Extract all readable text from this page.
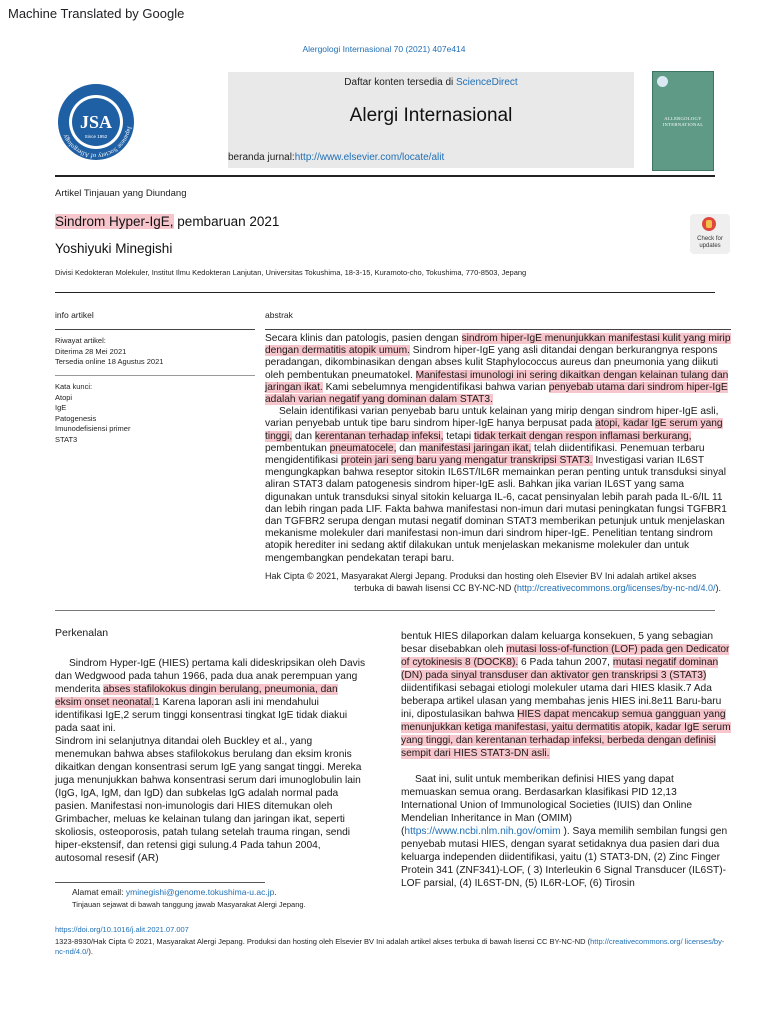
Machine Translated by Google
Alergologi Internasional 70 (2021) 407e414
Japanese Society of Allergology
JSA
Since 1952
Daftar konten tersedia di ScienceDirect
Alergi Internasional
beranda jurnal:http://www.elsevier.com/locate/alit
ALLERGOLOGY
INTERNATIONAL
Artikel Tinjauan yang Diundang
Sindrom Hyper-IgE, pembaruan 2021
Yoshiyuki Minegishi
Divisi Kedokteran Molekuler, Institut Ilmu Kedokteran Lanjutan, Universitas Tokushima, 18-3-15, Kuramoto-cho, Tokushima, 770-8503, Jepang
Check for
updates
info artikel
Riwayat artikel:
Diterima 28 Mei 2021
Tersedia online 18 Agustus 2021
Kata kunci:
Atopi
IgE
Patogenesis
Imunodefisiensi primer
STAT3
abstrak

Secara klinis dan patologis, pasien dengan sindrom hiper-IgE menunjukkan manifestasi kulit yang mirip dengan dermatitis atopik umum. Sindrom hiper-IgE yang asli ditandai dengan berkurangnya respons peradangan, dikombinasikan dengan abses kulit Staphylococcus aureus dan pneumonia yang diikuti oleh pembentukan pneumatokel. Manifestasi imunologi ini sering dikaitkan dengan kelainan tulang dan jaringan ikat. Kami sebelumnya mengidentifikasi bahwa varian penyebab utama dari sindrom hiper-IgE adalah varian negatif yang dominan dalam STAT3.

Selain identifikasi varian penyebab baru untuk kelainan yang mirip dengan sindrom hiper-IgE asli, varian penyebab untuk tipe baru sindrom hiper-IgE hanya berpusat pada atopi, kadar IgE serum yang tinggi, dan kerentanan terhadap infeksi, tetapi tidak terkait dengan respon inflamasi berkurang, pembentukan pneumatocele, dan manifestasi jaringan ikat, telah diidentifikasi. Penemuan terbaru mengidentifikasi protein jari seng baru yang mengatur transkripsi STAT3. Investigasi varian IL6ST mengungkapkan bahwa reseptor sitokin IL6ST/IL6R memainkan peran penting untuk transduksi sinyal aliran STAT3 dalam patogenesis sindrom hiper-IgE asli. Bahkan jika varian IL6ST yang sama digunakan untuk transduksi sinyal sitokin keluarga IL-6, cacat pensinyalan lebih parah pada IL-6/IL 11 dan lebih ringan pada LIF. Fakta bahwa manifestasi non-imun dari mutasi peningkatan fungsi TGFBR1 dan TGFBR2 serupa dengan mutasi negatif dominan STAT3 memberikan petunjuk untuk menjelaskan mekanisme molekuler dari manifestasi non-imun dari sindrom hiper-IgE. Penelitian tentang sindrom atopik herediter ini sedang aktif dilakukan untuk menjelaskan mekanisme molekuler dan untuk mengembangkan pendekatan terapi baru.

Hak Cipta © 2021, Masyarakat Alergi Jepang. Produksi dan hosting oleh Elsevier BV Ini adalah artikel akses
terbuka di bawah lisensi CC BY-NC-ND (http://creativecommons.org/licenses/by-nc-nd/4.0/).
Perkenalan

Sindrom Hyper-IgE (HIES) pertama kali dideskripsikan oleh Davis dan Wedgwood pada tahun 1966, pada dua anak perempuan yang menderita abses stafilokokus dingin berulang, pneumonia, dan eksim onset neonatal.1 Karena laporan asli ini mendahului identifikasi IgE,2 serum tinggi konsentrasi tingkat IgE tidak diakui pada saat ini.

Sindrom ini selanjutnya ditandai oleh Buckley et al., yang menemukan bahwa abses stafilokokus berulang dan eksim kronis dikaitkan dengan konsentrasi serum IgE yang sangat tinggi. Mereka juga menunjukkan bahwa konsentrasi serum dari imunoglobulin lain (IgG, IgA, IgM, dan IgD) dan subkelas IgG adalah normal pada pasien. Manifestasi non-imunologis dari HIES ditemukan oleh Grimbacher, meluas ke kelainan tulang dan jaringan ikat, seperti skoliosis, osteoporosis, patah tulang setelah trauma ringan, sendi hiper-ekstensif, dan retensi gigi sulung.4 Pada tahun 2004, autosomal resesif (AR)

bentuk HIES dilaporkan dalam keluarga konsekuen, 5 yang sebagian besar disebabkan oleh mutasi loss-of-function (LOF) pada gen Dedicator of cytokinesis 8 (DOCK8). 6 Pada tahun 2007, mutasi negatif dominan (DN) pada sinyal transduser dan aktivator gen transkripsi 3 (STAT3) diidentifikasi sebagai etiologi molekuler utama dari HIES klasik.7 Ada beberapa artikel ulasan yang membahas jenis HIES ini.8e11 Baru-baru ini, dipostulasikan bahwa HIES dapat mencakup semua gangguan yang menunjukkan ketiga manifestasi, yaitu dermatitis atopik, kadar IgE serum yang tinggi, dan kerentanan terhadap infeksi, berbeda dengan definisi sempit dari HIES STAT3-DN asli.

Saat ini, sulit untuk memberikan definisi HIES yang dapat memuaskan semua orang. Berdasarkan klasifikasi PID 12,13 International Union of Immunological Societies (IUIS) dan Online Mendelian Inheritance in Man (OMIM) (https://www.ncbi.nlm.nih.gov/omim ). Saya memilih sembilan fungsi gen penyebab mutasi HIES, dengan syarat setidaknya dua pasien dari dua keluarga independen diidentifikasi, yaitu (1) STAT3-DN, (2) Zinc Finger Protein 341 (ZNF341)-LOF, ( 3) Interleukin 6 Signal Transducer (IL6ST)-LOF parsial, (4) IL6ST-DN, (5) IL6R-LOF, (6) Tirosin

Alamat email: yminegishi@genome.tokushima-u.ac.jp.
Tinjauan sejawat di bawah tanggung jawab Masyarakat Alergi Jepang.
https://doi.org/10.1016/j.alit.2021.07.007
1323-8930/Hak Cipta © 2021, Masyarakat Alergi Jepang. Produksi dan hosting oleh Elsevier BV Ini adalah artikel akses terbuka di bawah lisensi CC BY-NC-ND (http://creativecommons.org/ licenses/by-nc-nd/4.0/).
